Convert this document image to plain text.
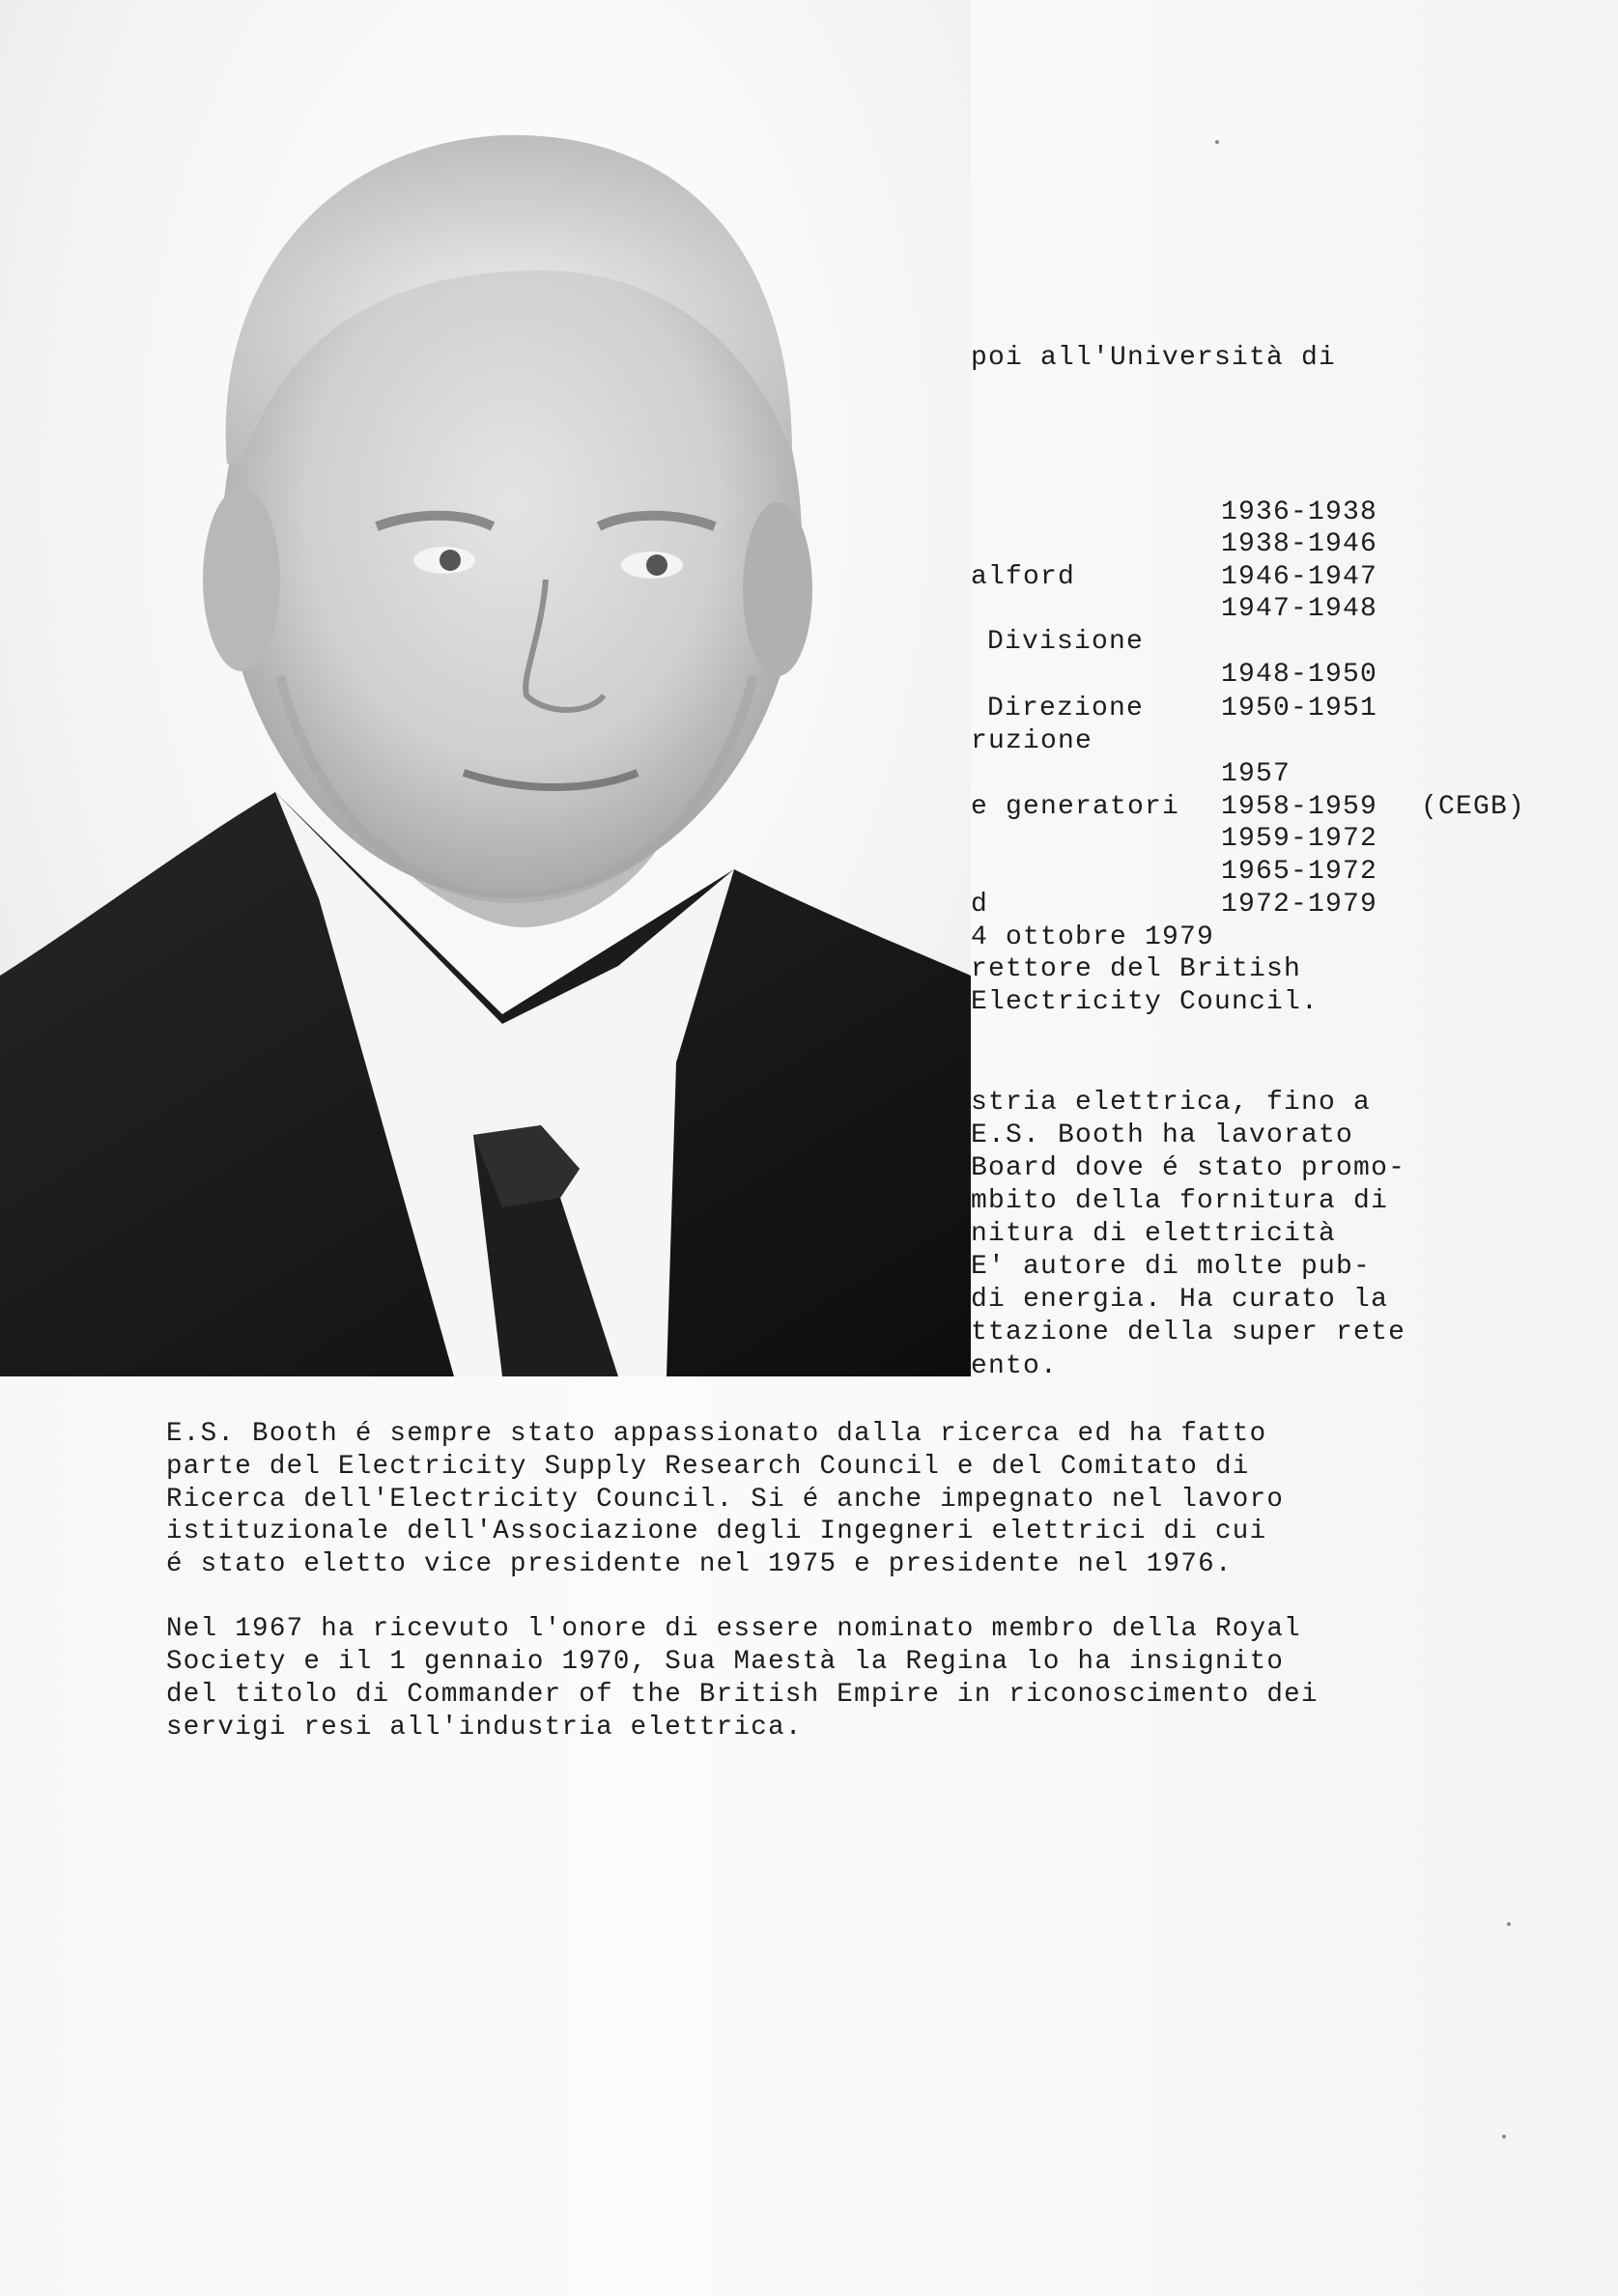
poi all'Università di
1936-1938
1938-1946
alford	1946-1947
1947-1948
Divisione
1948-1950
Direzione	1950-1951
ruzione
1957
e generatori 1958-1959 (CEGB)
1959-1972
1965-1972
d	1972-1979
4 ottobre 1979
rettore del British
Electricity Council.
stria elettrica, fino a
E.S. Booth ha lavorato
Board dove é stato promo-
mbito della fornitura di
nitura di elettricità
E' autore di molte pub-
di energia. Ha curato la
ttazione della super rete
ento.
E.S. Booth é sempre stato appassionato dalla ricerca ed ha fatto
parte del Electricity Supply Research Council e del Comitato di
Ricerca dell'Electricity Council. Si é anche impegnato nel lavoro
istituzionale dell'Associazione degli Ingegneri elettrici di cui
é stato eletto vice presidente nel 1975 e presidente nel 1976.
Nel 1967 ha ricevuto l'onore di essere nominato membro della Royal
Society e il 1 gennaio 1970, Sua Maestà la Regina lo ha insignito
del titolo di Commander of the British Empire in riconoscimento dei
servigi resi all'industria elettrica.
